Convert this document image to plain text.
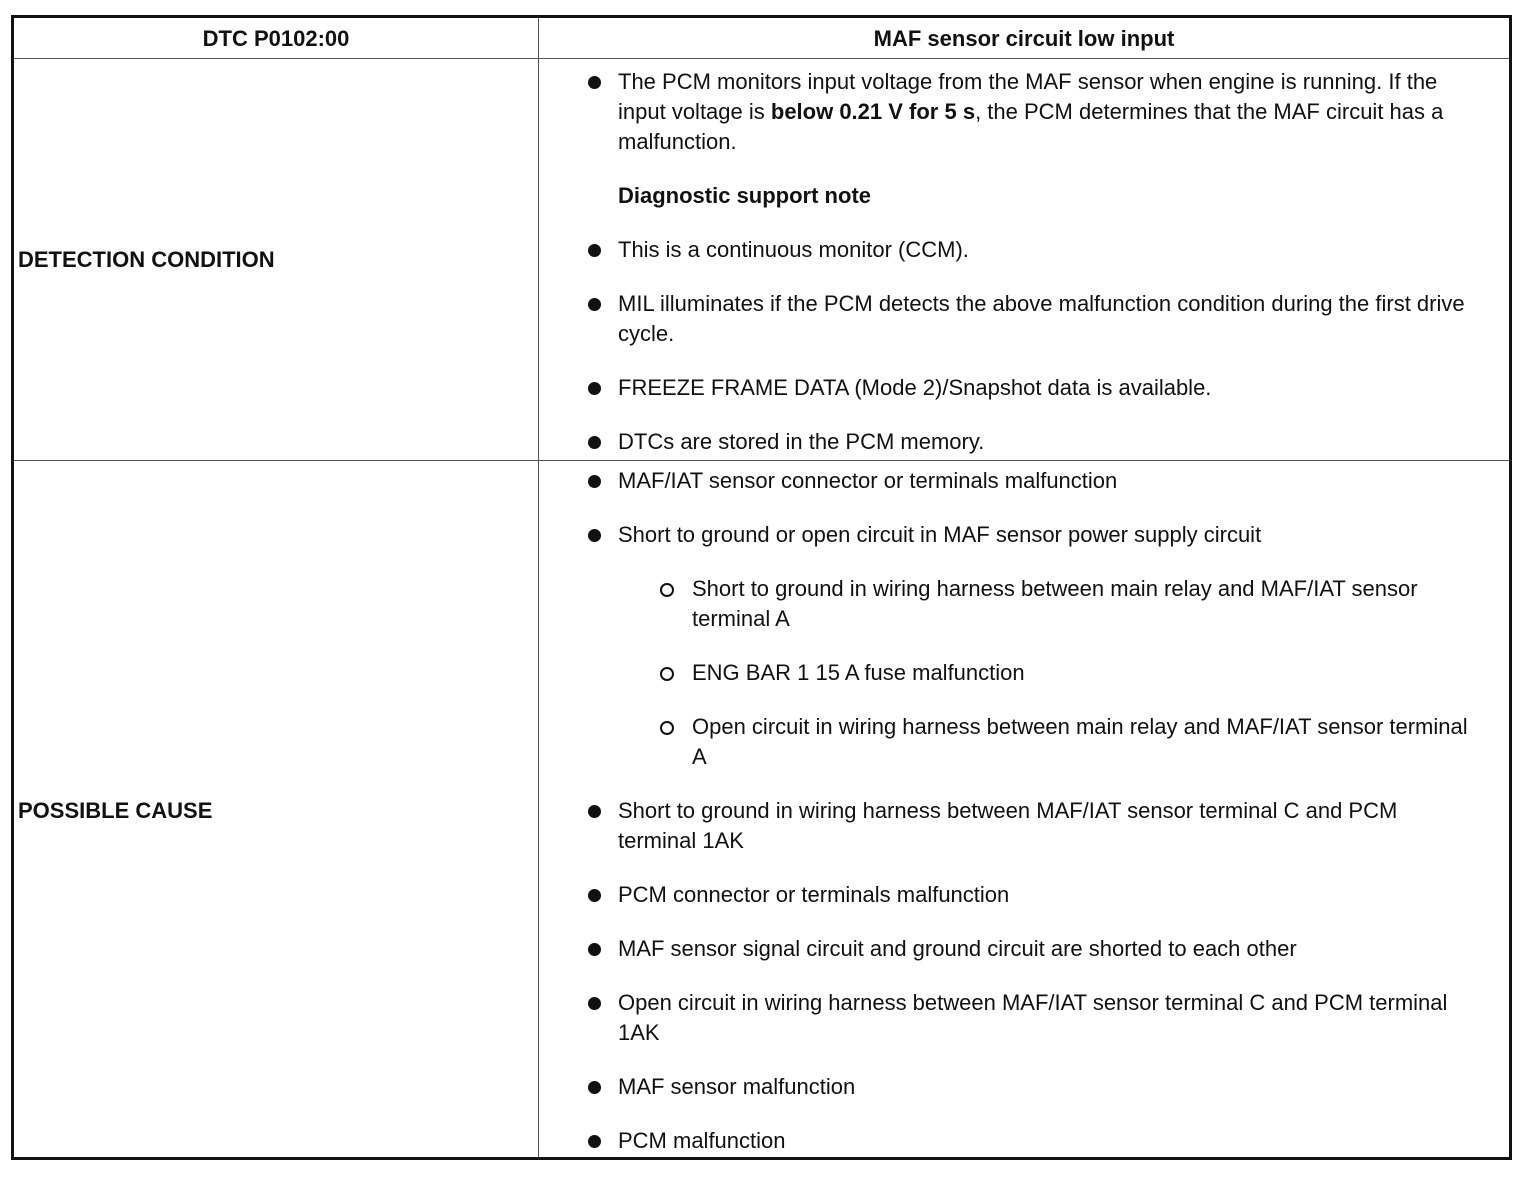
DTC P0102:00	MAF sensor circuit low input
DETECTION CONDITION
The PCM monitors input voltage from the MAF sensor when engine is running. If the input voltage is below 0.21 V for 5 s, the PCM determines that the MAF circuit has a malfunction.
Diagnostic support note
This is a continuous monitor (CCM).
MIL illuminates if the PCM detects the above malfunction condition during the first drive cycle.
FREEZE FRAME DATA (Mode 2)/Snapshot data is available.
DTCs are stored in the PCM memory.
POSSIBLE CAUSE
MAF/IAT sensor connector or terminals malfunction
Short to ground or open circuit in MAF sensor power supply circuit
Short to ground in wiring harness between main relay and MAF/IAT sensor terminal A
ENG BAR 1 15 A fuse malfunction
Open circuit in wiring harness between main relay and MAF/IAT sensor terminal A
Short to ground in wiring harness between MAF/IAT sensor terminal C and PCM terminal 1AK
PCM connector or terminals malfunction
MAF sensor signal circuit and ground circuit are shorted to each other
Open circuit in wiring harness between MAF/IAT sensor terminal C and PCM terminal 1AK
MAF sensor malfunction
PCM malfunction
